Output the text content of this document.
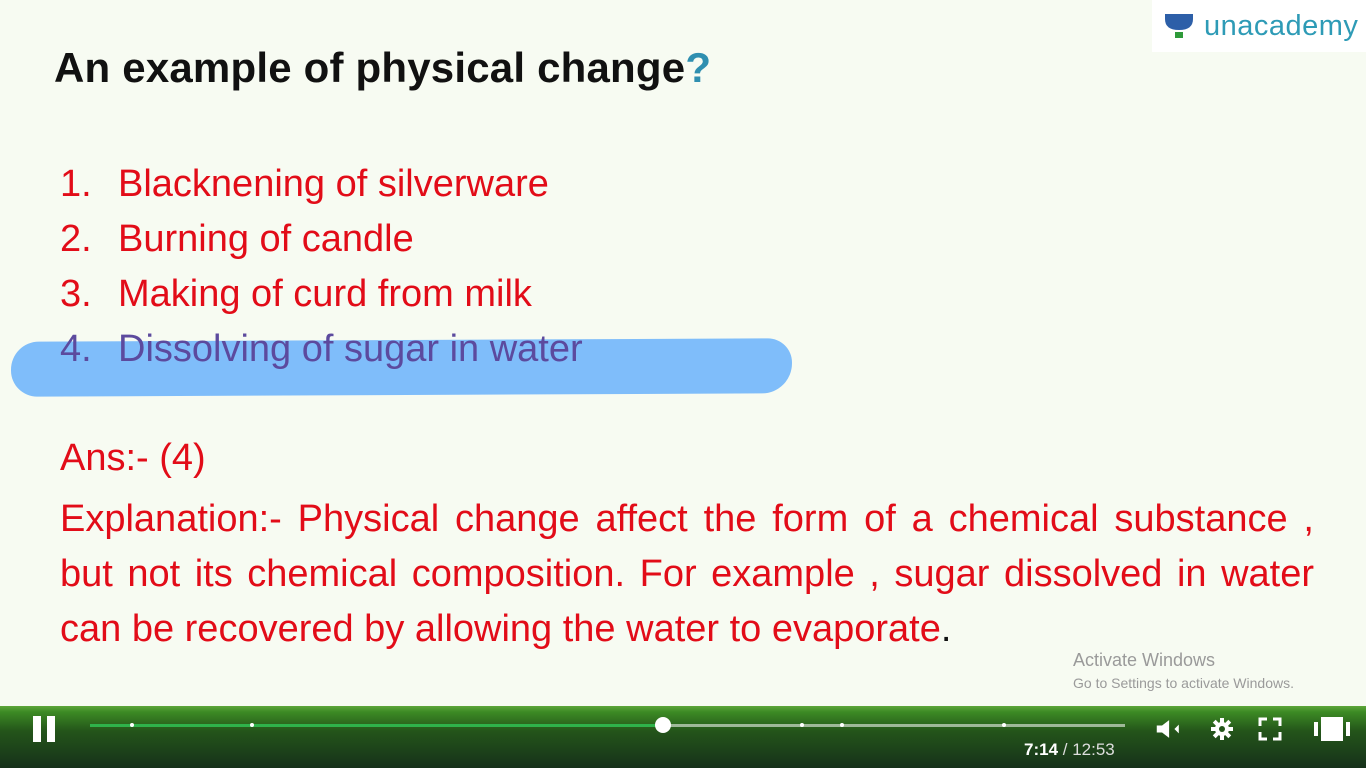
An example of physical change?
unacademy
1. Blacknening of silverware
2. Burning of candle
3. Making of curd from milk
4. Dissolving of sugar in water
Ans:- (4)
Explanation:- Physical change affect the form of a chemical substance , but not its chemical composition. For example , sugar dissolved in water can be recovered by allowing the water to evaporate.
Activate Windows
Go to Settings to activate Windows.
7:14 / 12:53
